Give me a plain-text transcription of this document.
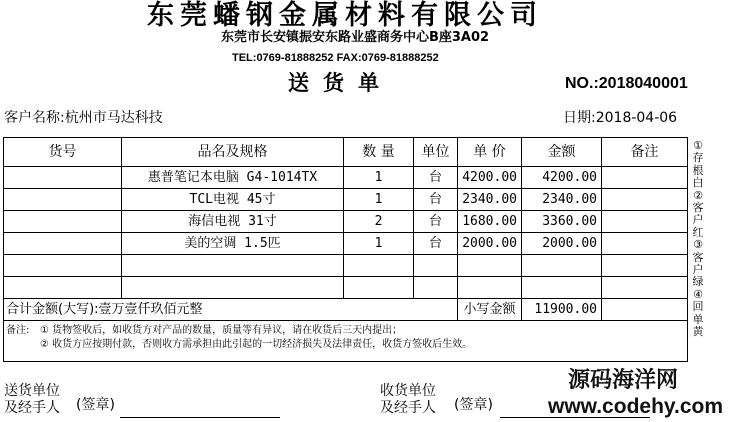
东莞蟠钢金属材料有限公司
东莞市长安镇振安东路业盛商务中心B座3A02
TEL:0769-81888252 FAX:0769-81888252
送货单	NO.:2018040001
客户名称:杭州市马达科技	日期:2018-04-06
货号	品名及规格	数 量	单位	单 价	金额	备注
	惠普笔记本电脑 G4-1014TX	1	台	4200.00	4200.00	
	TCL电视 45寸	1	台	2340.00	2340.00	
	海信电视 31寸	2	台	1680.00	3360.00	
	美的空调 1.5匹	1	台	2000.00	2000.00	

合计金额(大写):壹万壹仟玖佰元整				小写金额	11900.00	

备注: ① 货物签收后，如收货方对产品的数量，质量等有异议，请在收货后三天内提出；
② 收货方应按期付款，否则收方需承担由此引起的一切经济损失及法律责任，收货方签收后生效。						
①存根白②客户红③客户绿④回单黄
送货单位
及经手人 (签章)
收货单位
及经手人 (签章)
源码海洋网
www.codehy.com
